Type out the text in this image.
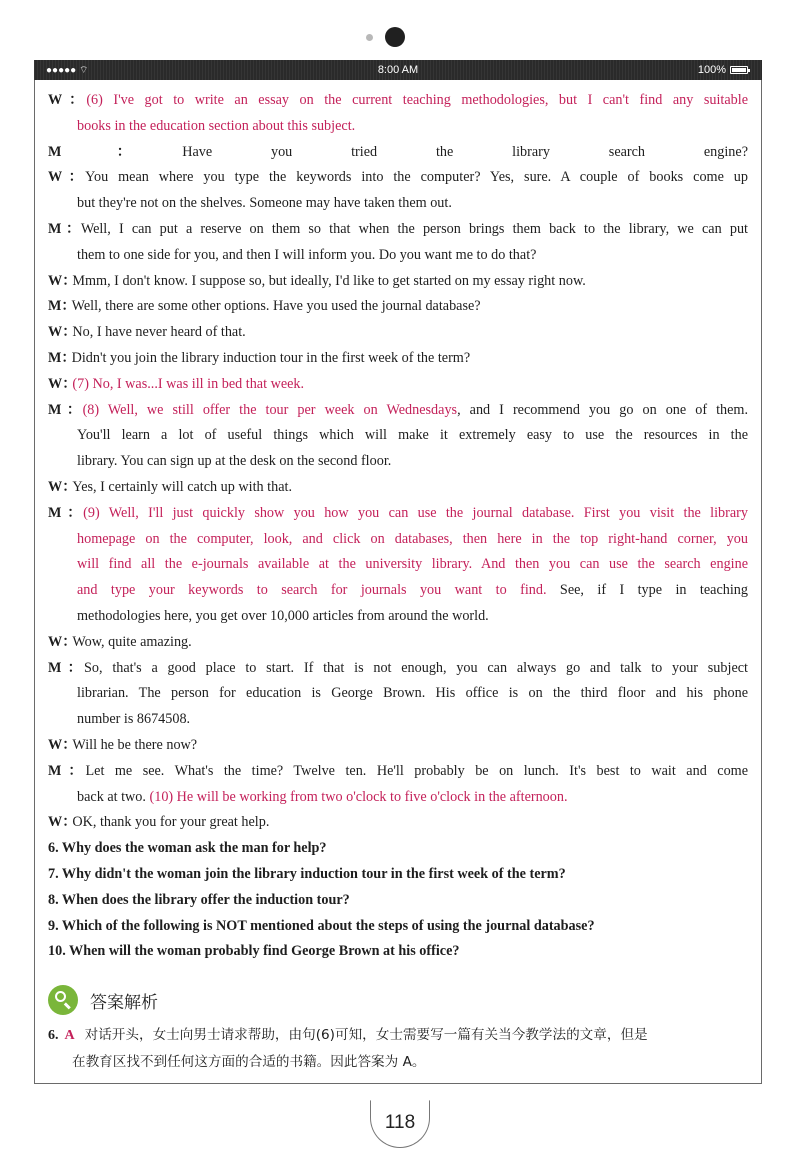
●●●●● ⌔	8:00 AM	100%
W：(6) I've got to write an essay on the current teaching methodologies, but I can't find any suitable
books in the education section about this subject.
M：Have you tried the library search engine?
W：You mean where you type the keywords into the computer? Yes, sure. A couple of books come up
but they're not on the shelves. Someone may have taken them out.
M：Well, I can put a reserve on them so that when the person brings them back to the library, we can put
them to one side for you, and then I will inform you. Do you want me to do that?
W：Mmm, I don't know. I suppose so, but ideally, I'd like to get started on my essay right now.
M：Well, there are some other options. Have you used the journal database?
W：No, I have never heard of that.
M：Didn't you join the library induction tour in the first week of the term?
W：(7) No, I was...I was ill in bed that week.
M：(8) Well, we still offer the tour per week on Wednesdays, and I recommend you go on one of them.
You'll learn a lot of useful things which will make it extremely easy to use the resources in the
library. You can sign up at the desk on the second floor.
W：Yes, I certainly will catch up with that.
M：(9) Well, I'll just quickly show you how you can use the journal database. First you visit the library
homepage on the computer, look, and click on databases, then here in the top right-hand corner, you
will find all the e-journals available at the university library. And then you can use the search engine
and type your keywords to search for journals you want to find. See, if I type in teaching
methodologies here, you get over 10,000 articles from around the world.
W：Wow, quite amazing.
M：So, that's a good place to start. If that is not enough, you can always go and talk to your subject
librarian. The person for education is George Brown. His office is on the third floor and his phone
number is 8674508.
W：Will he be there now?
M：Let me see. What's the time? Twelve ten. He'll probably be on lunch. It's best to wait and come
back at two. (10) He will be working from two o'clock to five o'clock in the afternoon.
W：OK, thank you for your great help.
6. Why does the woman ask the man for help?
7. Why didn't the woman join the library induction tour in the first week of the term?
8. When does the library offer the induction tour?
9. Which of the following is NOT mentioned about the steps of using the journal database?
10. When will the woman probably find George Brown at his office?
答案解析
6. A 对话开头，女士向男士请求帮助，由句(6)可知，女士需要写一篇有关当今教学法的文章，但是
在教育区找不到任何这方面的合适的书籍。因此答案为 A。
118
